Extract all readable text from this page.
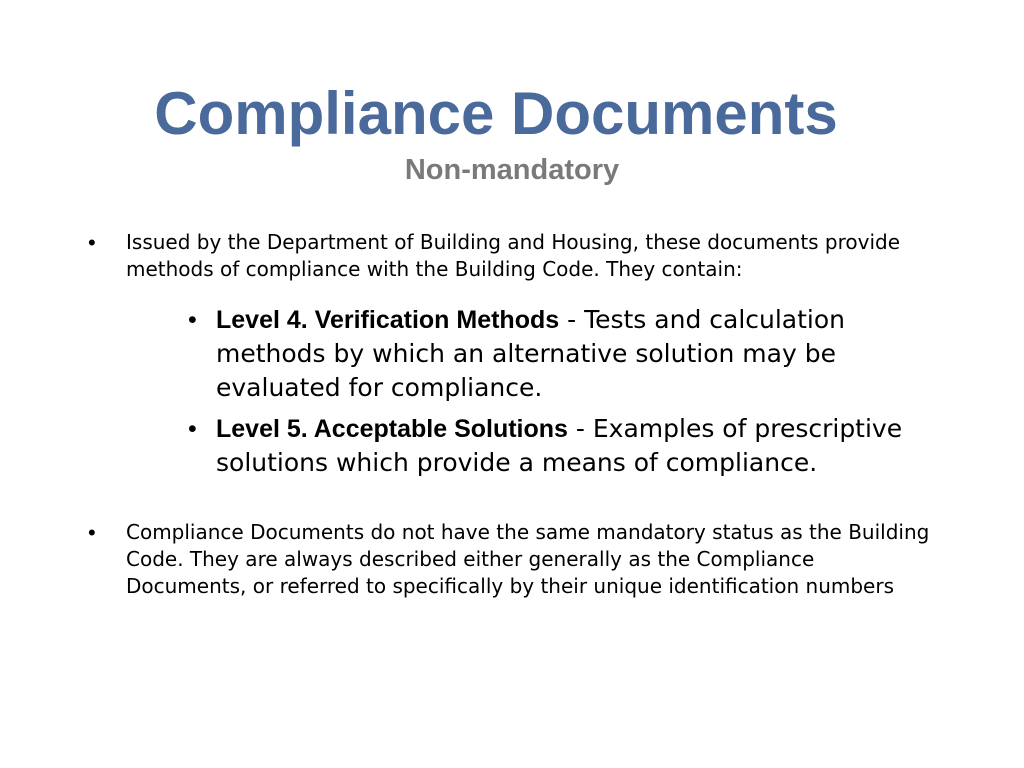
Compliance Documents
Non-mandatory
• Issued by the Department of Building and Housing, these documents provide methods of compliance with the Building Code. They contain:
• Level 4. Verification Methods - Tests and calculation methods by which an alternative solution may be evaluated for compliance.
• Level 5. Acceptable Solutions - Examples of prescriptive solutions which provide a means of compliance.
• Compliance Documents do not have the same mandatory status as the Building Code. They are always described either generally as the Compliance Documents, or referred to specifically by their unique identification numbers
